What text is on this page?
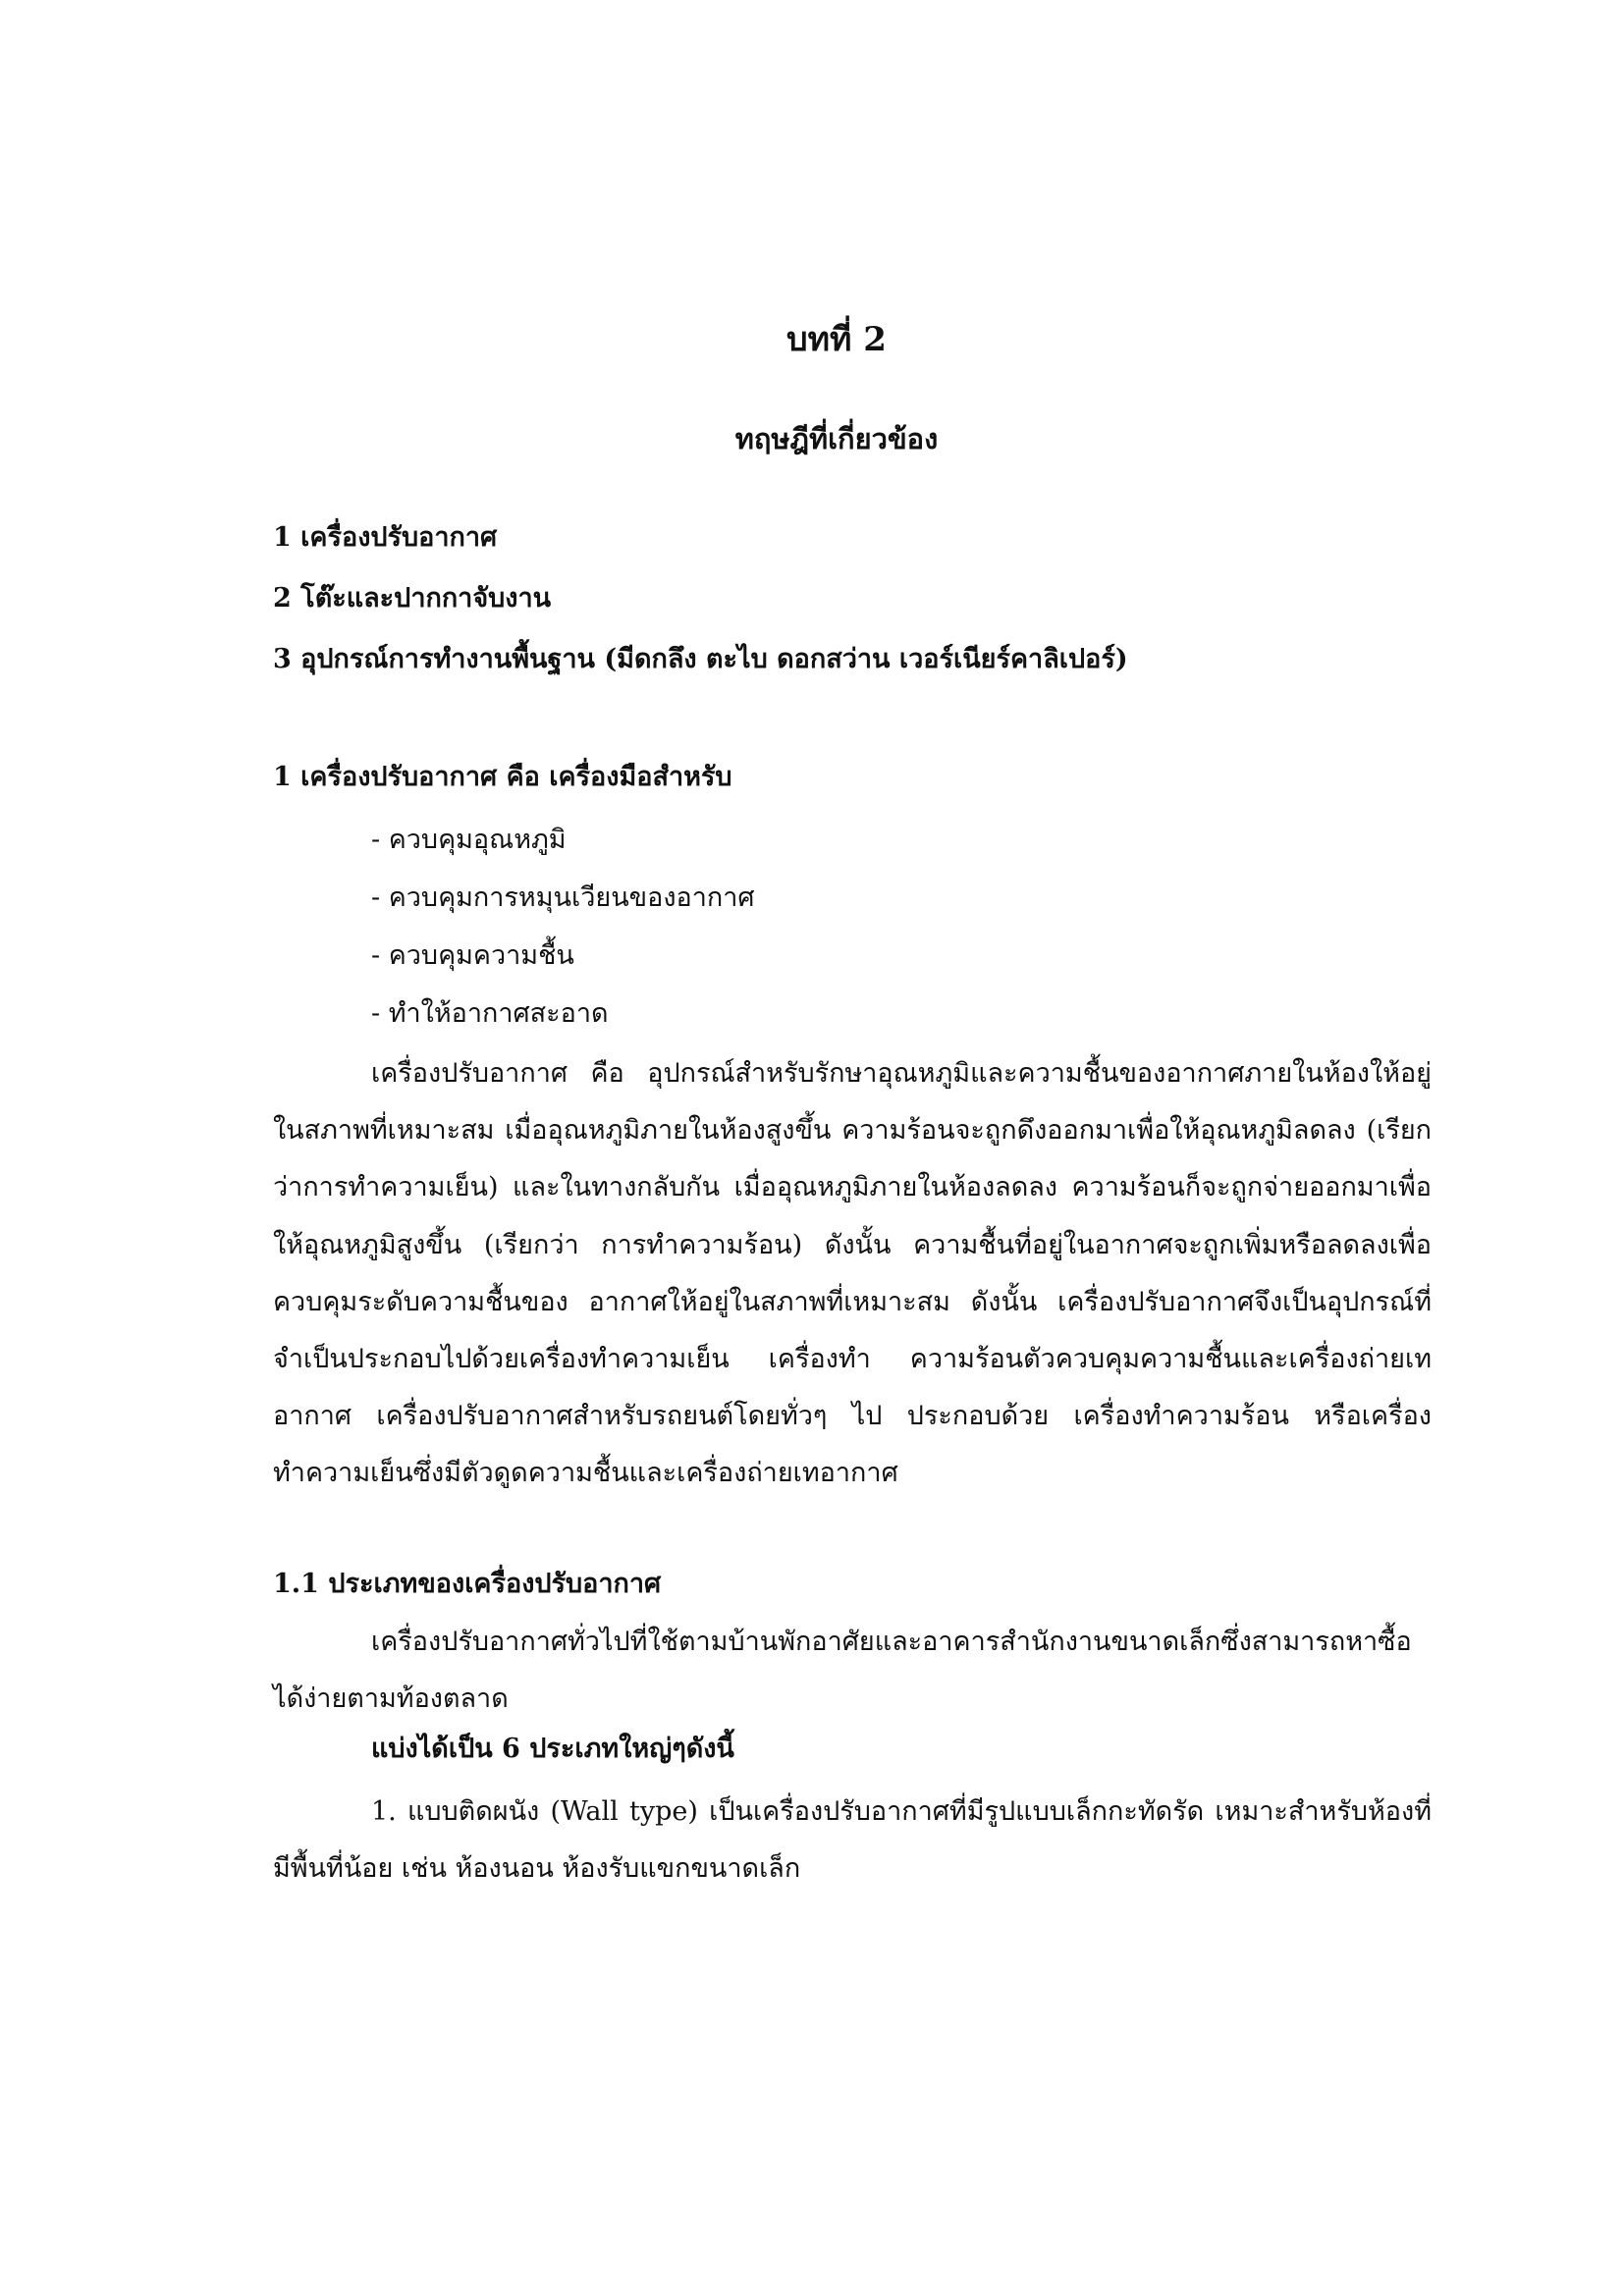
บทที่ 2
ทฤษฎีที่เกี่ยวข้อง
1 เครื่องปรับอากาศ
2 โต๊ะและปากกาจับงาน
3 อุปกรณ์การทำงานพื้นฐาน (มีดกลึง ตะไบ ดอกสว่าน เวอร์เนียร์คาลิเปอร์)
1 เครื่องปรับอากาศ คือ เครื่องมือสำหรับ
- ควบคุมอุณหภูมิ
- ควบคุมการหมุนเวียนของอากาศ
- ควบคุมความชื้น
- ทำให้อากาศสะอาด
เครื่องปรับอากาศ คือ อุปกรณ์สำหรับรักษาอุณหภูมิและความชื้นของอากาศภายในห้องให้อยู่ในสภาพที่เหมาะสม เมื่ออุณหภูมิภายในห้องสูงขึ้น ความร้อนจะถูกดึงออกมาเพื่อให้อุณหภูมิลดลง (เรียกว่าการทำความเย็น) และในทางกลับกัน เมื่ออุณหภูมิภายในห้องลดลง ความร้อนก็จะถูกจ่ายออกมาเพื่อ ให้อุณหภูมิสูงขึ้น (เรียกว่า การทำความร้อน) ดังนั้น ความชื้นที่อยู่ในอากาศจะถูกเพิ่มหรือลดลงเพื่อควบคุมระดับความชื้นของ อากาศให้อยู่ในสภาพที่เหมาะสม ดังนั้น เครื่องปรับอากาศจึงเป็นอุปกรณ์ที่จำเป็นประกอบไปด้วยเครื่องทำความเย็น เครื่องทำ ความร้อนตัวควบคุมความชื้นและเครื่องถ่ายเทอากาศ เครื่องปรับอากาศสำหรับรถยนต์โดยทั่วๆ ไป ประกอบด้วย เครื่องทำความร้อน หรือเครื่องทำความเย็นซึ่งมีตัวดูดความชื้นและเครื่องถ่ายเทอากาศ
1.1 ประเภทของเครื่องปรับอากาศ
เครื่องปรับอากาศทั่วไปที่ใช้ตามบ้านพักอาศัยและอาคารสำนักงานขนาดเล็กซึ่งสามารถหาซื้อได้ง่ายตามท้องตลาด
แบ่งได้เป็น 6 ประเภทใหญ่ๆดังนี้
1. แบบติดผนัง (Wall type) เป็นเครื่องปรับอากาศที่มีรูปแบบเล็กกะทัดรัด เหมาะสำหรับห้องที่มีพื้นที่น้อย เช่น ห้องนอน ห้องรับแขกขนาดเล็ก
